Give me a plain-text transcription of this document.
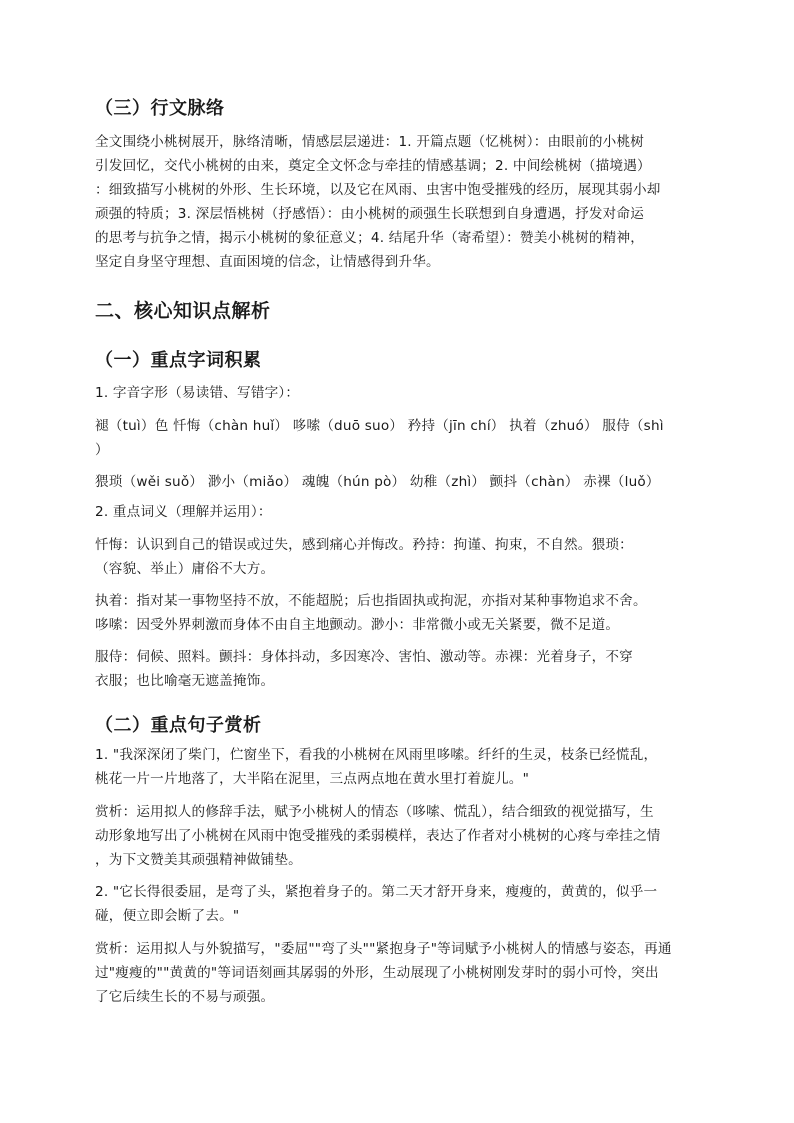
（三）行文脉络
全文围绕小桃树展开，脉络清晰，情感层层递进：1. 开篇点题（忆桃树）：由眼前的小桃树
引发回忆，交代小桃树的由来，奠定全文怀念与牵挂的情感基调；2. 中间绘桃树（描境遇）
：细致描写小桃树的外形、生长环境，以及它在风雨、虫害中饱受摧残的经历，展现其弱小却
顽强的特质；3. 深层悟桃树（抒感悟）：由小桃树的顽强生长联想到自身遭遇，抒发对命运
的思考与抗争之情，揭示小桃树的象征意义；4. 结尾升华（寄希望）：赞美小桃树的精神，
坚定自身坚守理想、直面困境的信念，让情感得到升华。
二、核心知识点解析
（一）重点字词积累
1. 字音字形（易读错、写错字）：
褪（tuì）色 忏悔（chàn huǐ） 哆嗦（duō suo） 矜持（jīn chí） 执着（zhuó） 服侍（shì
）
猥琐（wěi suǒ） 渺小（miǎo） 魂魄（hún pò） 幼稚（zhì） 颤抖（chàn） 赤裸（luǒ）
2. 重点词义（理解并运用）：
忏悔：认识到自己的错误或过失，感到痛心并悔改。矜持：拘谨、拘束，不自然。猥琐：
（容貌、举止）庸俗不大方。
执着：指对某一事物坚持不放，不能超脱；后也指固执或拘泥，亦指对某种事物追求不舍。
哆嗦：因受外界刺激而身体不由自主地颤动。渺小：非常微小或无关紧要，微不足道。
服侍：伺候、照料。颤抖：身体抖动，多因寒冷、害怕、激动等。赤裸：光着身子，不穿
衣服；也比喻毫无遮盖掩饰。
（二）重点句子赏析
1. "我深深闭了柴门，伫窗坐下，看我的小桃树在风雨里哆嗦。纤纤的生灵，枝条已经慌乱，
桃花一片一片地落了，大半陷在泥里，三点两点地在黄水里打着旋儿。"
赏析：运用拟人的修辞手法，赋予小桃树人的情态（哆嗦、慌乱），结合细致的视觉描写，生
动形象地写出了小桃树在风雨中饱受摧残的柔弱模样，表达了作者对小桃树的心疼与牵挂之情
，为下文赞美其顽强精神做铺垫。
2. "它长得很委屈，是弯了头，紧抱着身子的。第二天才舒开身来，瘦瘦的，黄黄的，似乎一
碰，便立即会断了去。"
赏析：运用拟人与外貌描写，"委屈""弯了头""紧抱身子"等词赋予小桃树人的情感与姿态，再通
过"瘦瘦的""黄黄的"等词语刻画其孱弱的外形，生动展现了小桃树刚发芽时的弱小可怜，突出
了它后续生长的不易与顽强。
